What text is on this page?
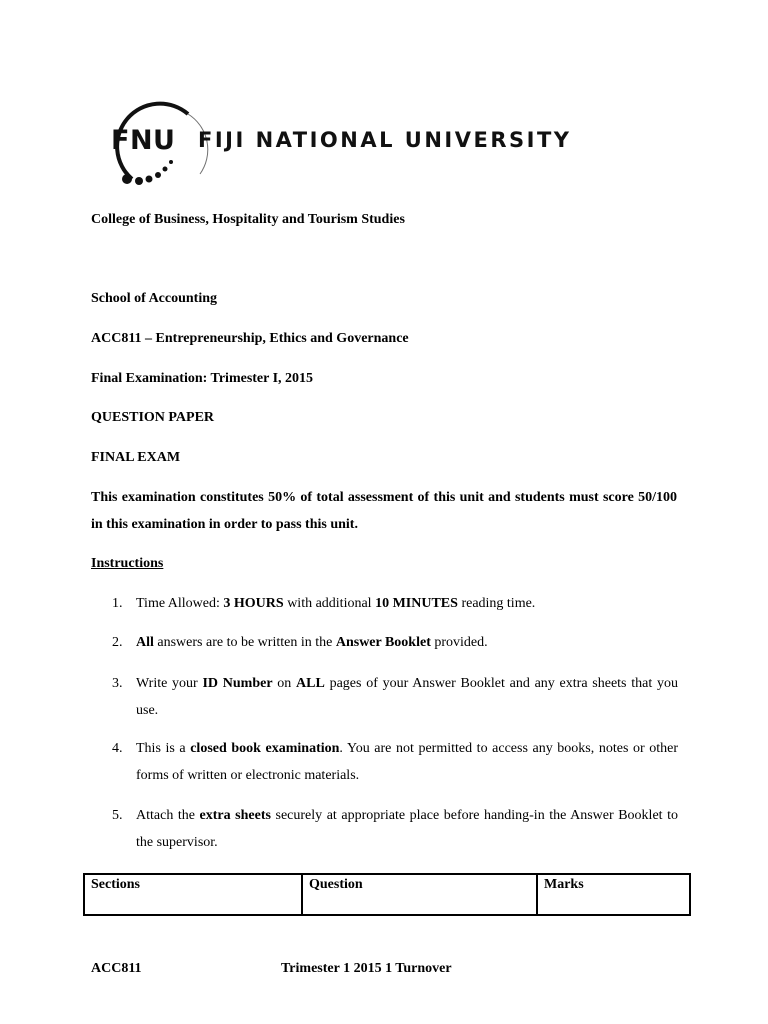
FNU FIJI NATIONAL UNIVERSITY
College of Business, Hospitality and Tourism Studies
School of Accounting
ACC811 – Entrepreneurship, Ethics and Governance
Final Examination: Trimester I, 2015
QUESTION PAPER
FINAL EXAM
This examination constitutes 50% of total assessment of this unit and students must score 50/100 in this examination in order to pass this unit.
Instructions
1. Time Allowed: 3 HOURS with additional 10 MINUTES reading time.
2. All answers are to be written in the Answer Booklet provided.
3. Write your ID Number on ALL pages of your Answer Booklet and any extra sheets that you use.
4. This is a closed book examination. You are not permitted to access any books, notes or other forms of written or electronic materials.
5. Attach the extra sheets securely at appropriate place before handing-in the Answer Booklet to the supervisor.
Sections	Question	Marks
ACC811	Trimester 1 2015 1 Turnover
